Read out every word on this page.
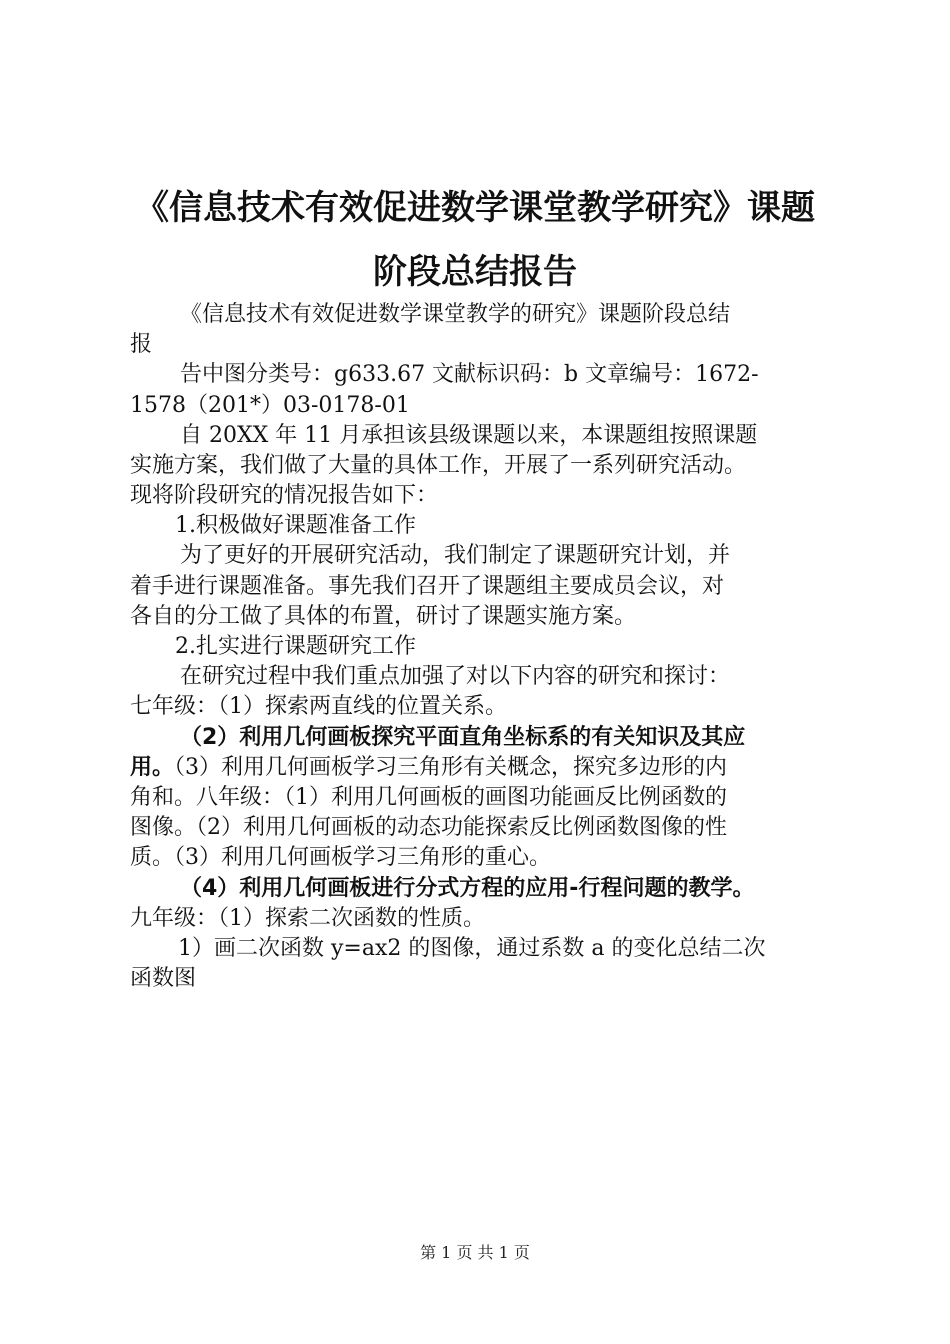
《信息技术有效促进数学课堂教学研究》课题
阶段总结报告
《信息技术有效促进数学课堂教学的研究》课题阶段总结
报
告中图分类号：g633.67 文献标识码：b 文章编号：1672-
1578（201*）03-0178-01
自 20XX 年 11 月承担该县级课题以来，本课题组按照课题
实施方案，我们做了大量的具体工作，开展了一系列研究活动。
现将阶段研究的情况报告如下：
1.积极做好课题准备工作
为了更好的开展研究活动，我们制定了课题研究计划，并
着手进行课题准备。事先我们召开了课题组主要成员会议，对
各自的分工做了具体的布置，研讨了课题实施方案。
2.扎实进行课题研究工作
在研究过程中我们重点加强了对以下内容的研究和探讨：
七年级：（1）探索两直线的位置关系。
（2）利用几何画板探究平面直角坐标系的有关知识及其应
用。（3）利用几何画板学习三角形有关概念，探究多边形的内
角和。八年级：（1）利用几何画板的画图功能画反比例函数的
图像。（2）利用几何画板的动态功能探索反比例函数图像的性
质。（3）利用几何画板学习三角形的重心。
（4）利用几何画板进行分式方程的应用-行程问题的教学。
九年级：（1）探索二次函数的性质。
1）画二次函数 y=ax2 的图像，通过系数 a 的变化总结二次
函数图
第 1 页 共 1 页
